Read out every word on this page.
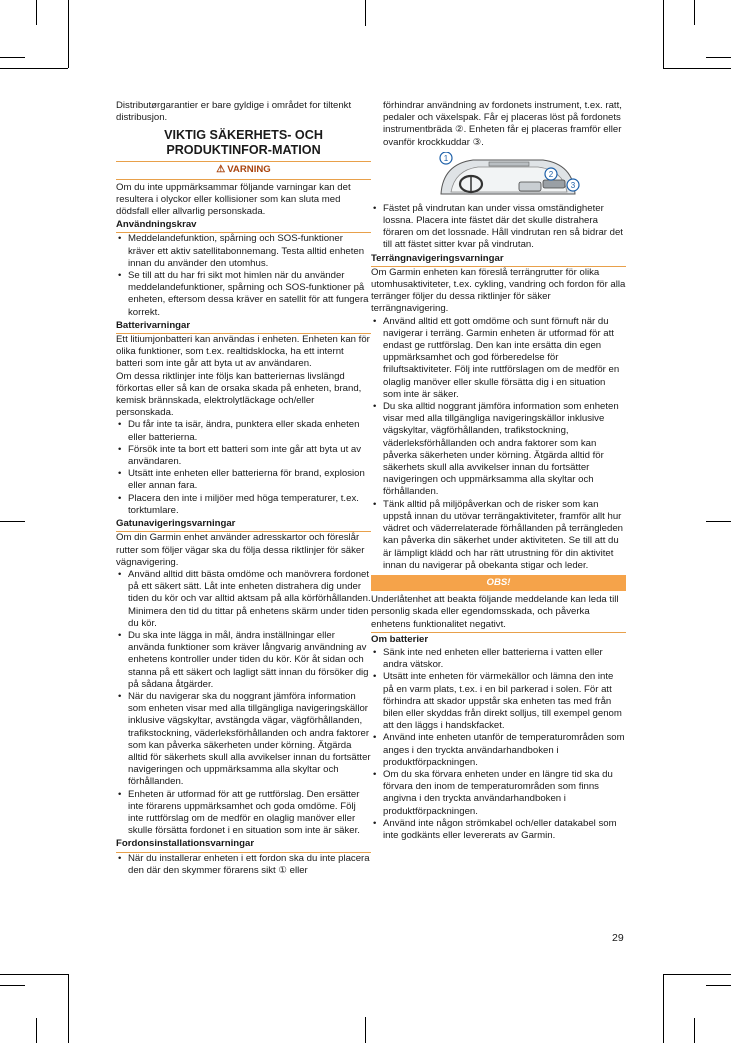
Distributørgarantier er bare gyldige i området for tiltenkt distribusjon.

VIKTIG SÄKERHETS- OCH PRODUKTINFOR-MATION
⚠ VARNING

Om du inte uppmärksammar följande varningar kan det resultera i olyckor eller kollisioner som kan sluta med dödsfall eller allvarlig personskada.

Användningskrav
• Meddelandefunktion, spårning och SOS-funktioner kräver ett aktiv satellitabonnemang. Testa alltid enheten innan du använder den utomhus.
• Se till att du har fri sikt mot himlen när du använder meddelandefunktioner, spårning och SOS-funktioner på enheten, eftersom dessa kräver en satellit för att fungera korrekt.
Batterivarningar

Ett litiumjonbatteri kan användas i enheten. Enheten kan för olika funktioner, som t.ex. realtidsklocka, ha ett internt batteri som inte går att byta ut av användaren.

Om dessa riktlinjer inte följs kan batteriernas livslängd förkortas eller så kan de orsaka skada på enheten, brand, kemisk brännskada, elektrolytläckage och/eller personskada.

• Du får inte ta isär, ändra, punktera eller skada enheten eller batterierna.
• Försök inte ta bort ett batteri som inte går att byta ut av användaren.
• Utsätt inte enheten eller batterierna för brand, explosion eller annan fara.
• Placera den inte i miljöer med höga temperaturer, t.ex. torktumlare.
Gatunavigeringsvarningar

Om din Garmin enhet använder adresskartor och föreslår rutter som följer vägar ska du följa dessa riktlinjer för säker vägnavigering.

• Använd alltid ditt bästa omdöme och manövrera fordonet på ett säkert sätt. Låt inte enheten distrahera dig under tiden du kör och var alltid aktsam på alla körförhållanden. Minimera den tid du tittar på enhetens skärm under tiden du kör.
• Du ska inte lägga in mål, ändra inställningar eller använda funktioner som kräver långvarig användning av enhetens kontroller under tiden du kör. Kör åt sidan och stanna på ett säkert och lagligt sätt innan du försöker dig på sådana åtgärder.
• När du navigerar ska du noggrant jämföra information som enheten visar med alla tillgängliga navigeringskällor inklusive vägskyltar, avstängda vägar, vägförhållanden, trafikstockning, väderleksförhållanden och andra faktorer som kan påverka säkerheten under körning. Ätgärda alltid för säkerhets skull alla avvikelser innan du fortsätter navigeringen och uppmärksamma alla skyltar och förhållanden.
• Enheten är utformad för att ge ruttförslag. Den ersätter inte förarens uppmärksamhet och goda omdöme. Följ inte ruttförslag om de medför en olaglig manöver eller skulle försätta fordonet i en situation som inte är säker.
Fordonsinstallationsvarningar
• När du installerar enheten i ett fordon ska du inte placera den där den skymmer förarens sikt ① eller

förhindrar användning av fordonets instrument, t.ex. ratt, pedaler och växelspak. Får ej placeras löst på fordonets instrumentbräda ②. Enheten får ej placeras framför eller ovanför krockkuddar ③.

1
2
3
• Fästet på vindrutan kan under vissa omständigheter lossna. Placera inte fästet där det skulle distrahera föraren om det lossnade. Håll vindrutan ren så bidrar det till att fästet sitter kvar på vindrutan.
Terrängnavigeringsvarningar

Om Garmin enheten kan föreslå terrängrutter för olika utomhusaktiviteter, t.ex. cykling, vandring och fordon för alla terränger följer du dessa riktlinjer för säker terrängnavigering.

• Använd alltid ett gott omdöme och sunt förnuft när du navigerar i terräng. Garmin enheten är utformad för att endast ge ruttförslag. Den kan inte ersätta din egen uppmärksamhet och god förberedelse för friluftsaktiviteter. Följ inte ruttförslagen om de medför en olaglig manöver eller skulle försätta dig i en situation som inte är säker.
• Du ska alltid noggrant jämföra information som enheten visar med alla tillgängliga navigeringskällor inklusive vägskyltar, vägförhållanden, trafikstockning, väderleksförhållanden och andra faktorer som kan påverka säkerheten under körning. Ätgärda alltid för säkerhets skull alla avvikelser innan du fortsätter navigeringen och uppmärksamma alla skyltar och förhållanden.
• Tänk alltid på miljöpåverkan och de risker som kan uppstå innan du utövar terrängaktiviteter, framför allt hur vädret och väderrelaterade förhållanden på terrängleden kan påverka din säkerhet under aktiviteten. Se till att du är lämpligt klädd och har rätt utrustning för din aktivitet innan du navigerar på obekanta stigar och leder.
OBS!

Underlåtenhet att beakta följande meddelande kan leda till personlig skada eller egendomsskada, och påverka enhetens funktionalitet negativt.

Om batterier
• Sänk inte ned enheten eller batterierna i vatten eller andra vätskor.
• Utsätt inte enheten för värmekällor och lämna den inte på en varm plats, t.ex. i en bil parkerad i solen. För att förhindra att skador uppstår ska enheten tas med från bilen eller skyddas från direkt solljus, till exempel genom att den läggs i handskfacket.
• Använd inte enheten utanför de temperaturområden som anges i den tryckta användarhandboken i produktförpackningen.
• Om du ska förvara enheten under en längre tid ska du förvara den inom de temperaturområden som finns angivna i den tryckta användarhandboken i produktförpackningen.
• Använd inte någon strömkabel och/eller datakabel som inte godkänts eller levererats av Garmin.
29
